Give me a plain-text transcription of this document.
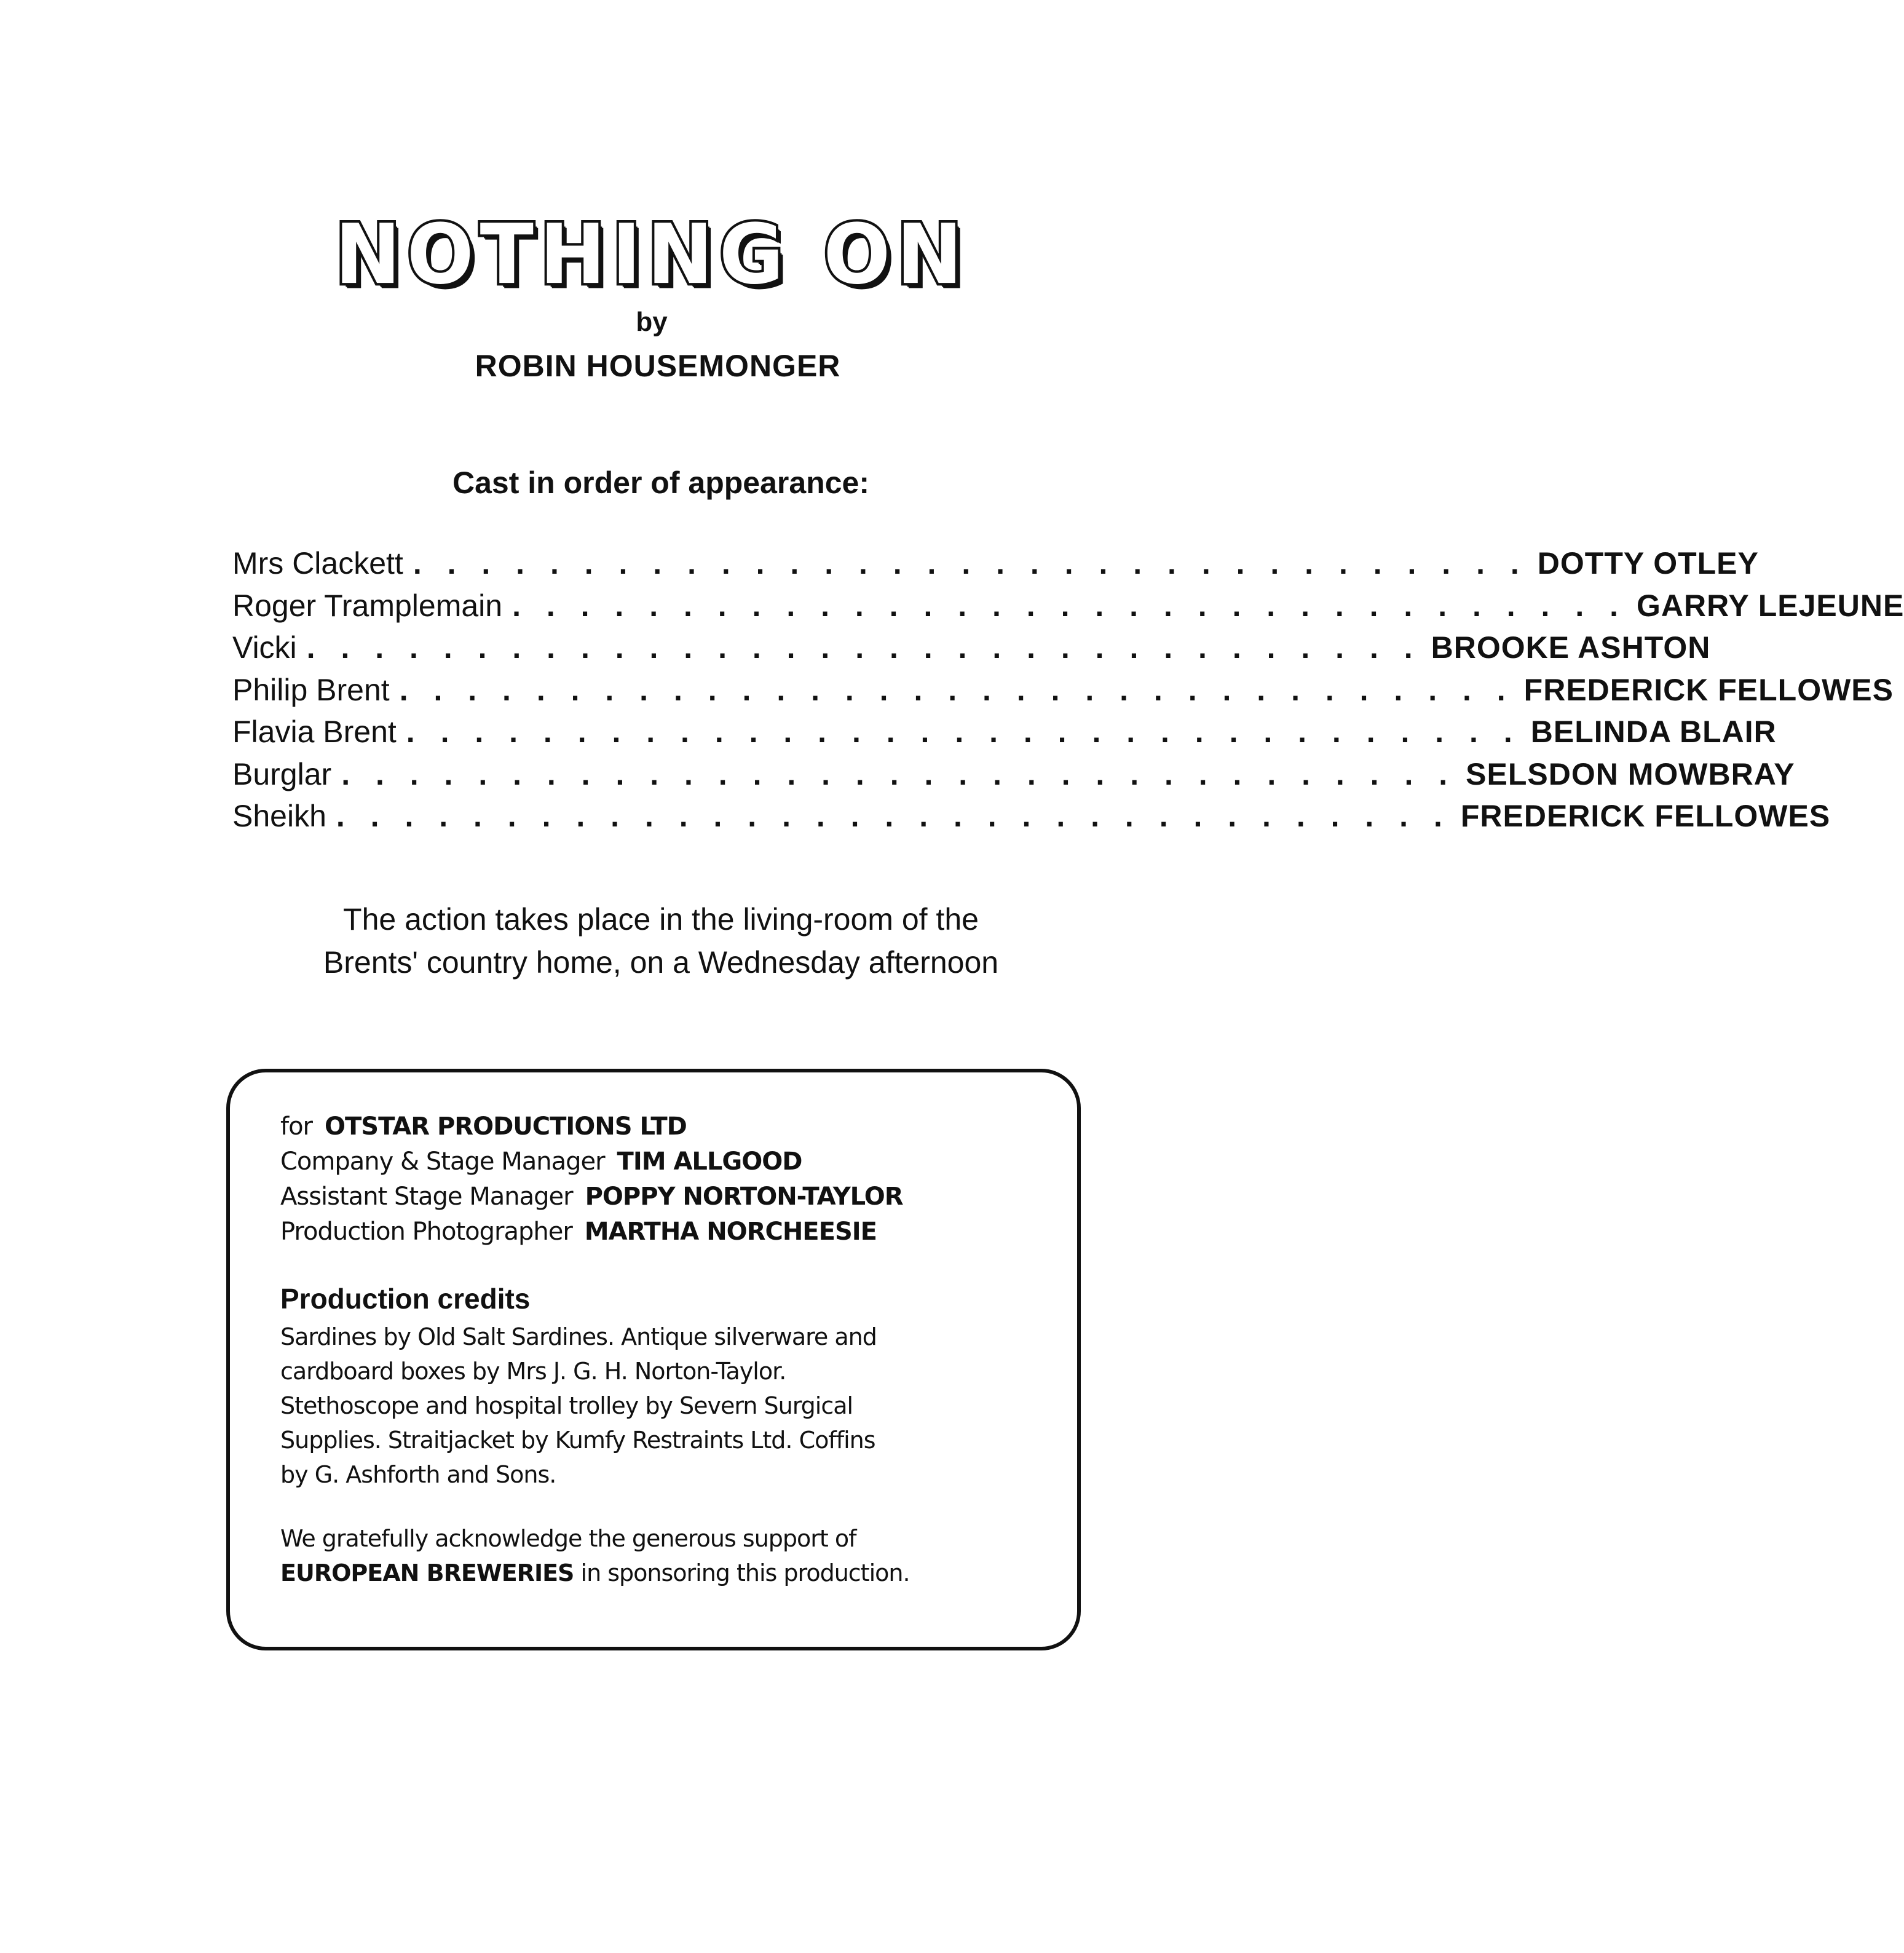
NOTHING ON
by
ROBIN HOUSEMONGER
Cast in order of appearance:
Mrs Clackett . . . . . . . . . . . . . . . . . . . . . . . . . . . . . . . . . DOTTY OTLEY
Roger Tramplemain . . . . . . . . . . . . . . . . . . . . . . . . . . . . . . . . . GARRY LEJEUNE
Vicki . . . . . . . . . . . . . . . . . . . . . . . . . . . . . . . . . BROOKE ASHTON
Philip Brent . . . . . . . . . . . . . . . . . . . . . . . . . . . . . . . . . FREDERICK FELLOWES
Flavia Brent . . . . . . . . . . . . . . . . . . . . . . . . . . . . . . . . . BELINDA BLAIR
Burglar . . . . . . . . . . . . . . . . . . . . . . . . . . . . . . . . . SELSDON MOWBRAY
Sheikh . . . . . . . . . . . . . . . . . . . . . . . . . . . . . . . . . FREDERICK FELLOWES
The action takes place in the living-room of the
Brents' country home, on a Wednesday afternoon
for OTSTAR PRODUCTIONS LTD
Company & Stage Manager TIM ALLGOOD
Assistant Stage Manager POPPY NORTON-TAYLOR
Production Photographer MARTHA NORCHEESIE
Production credits
Sardines by Old Salt Sardines. Antique silverware and
cardboard boxes by Mrs J. G. H. Norton-Taylor.
Stethoscope and hospital trolley by Severn Surgical
Supplies. Straitjacket by Kumfy Restraints Ltd. Coffins
by G. Ashforth and Sons.
We gratefully acknowledge the generous support of
EUROPEAN BREWERIES in sponsoring this production.
